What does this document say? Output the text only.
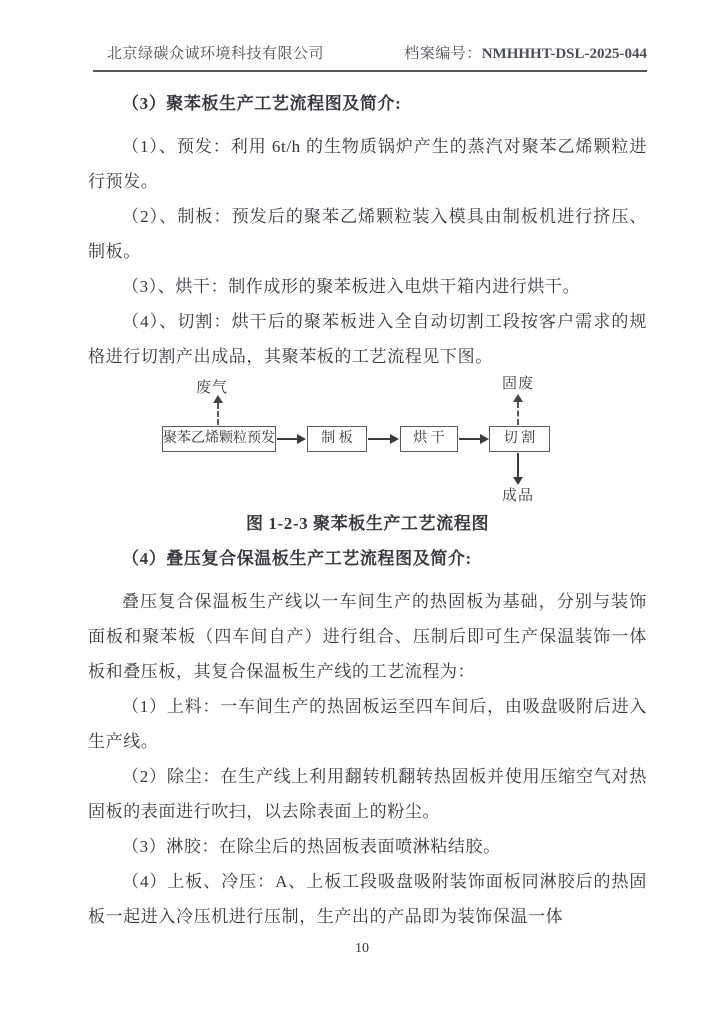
北京绿碳众诚环境科技有限公司	档案编号：NMHHHT-DSL-2025-044

（3）聚苯板生产工艺流程图及简介:

（1）、预发：利用 6t/h 的生物质锅炉产生的蒸汽对聚苯乙烯颗粒进行预发。

（2）、制板：预发后的聚苯乙烯颗粒装入模具由制板机进行挤压、制板。

（3）、烘干：制作成形的聚苯板进入电烘干箱内进行烘干。

（4）、切割：烘干后的聚苯板进入全自动切割工段按客户需求的规格进行切割产出成品，其聚苯板的工艺流程见下图。

废气
聚苯乙烯颗粒预发	制 板	烘 干	切 割
固废
成品

图 1-2-3 聚苯板生产工艺流程图

（4）叠压复合保温板生产工艺流程图及简介:

叠压复合保温板生产线以一车间生产的热固板为基础，分别与装饰面板和聚苯板（四车间自产）进行组合、压制后即可生产保温装饰一体板和叠压板，其复合保温板生产线的工艺流程为：

（1）上料：一车间生产的热固板运至四车间后，由吸盘吸附后进入生产线。

（2）除尘：在生产线上利用翻转机翻转热固板并使用压缩空气对热固板的表面进行吹扫，以去除表面上的粉尘。

（3）淋胶：在除尘后的热固板表面喷淋粘结胶。

（4）上板、冷压：A、上板工段吸盘吸附装饰面板同淋胶后的热固板一起进入冷压机进行压制，生产出的产品即为装饰保温一体

10
